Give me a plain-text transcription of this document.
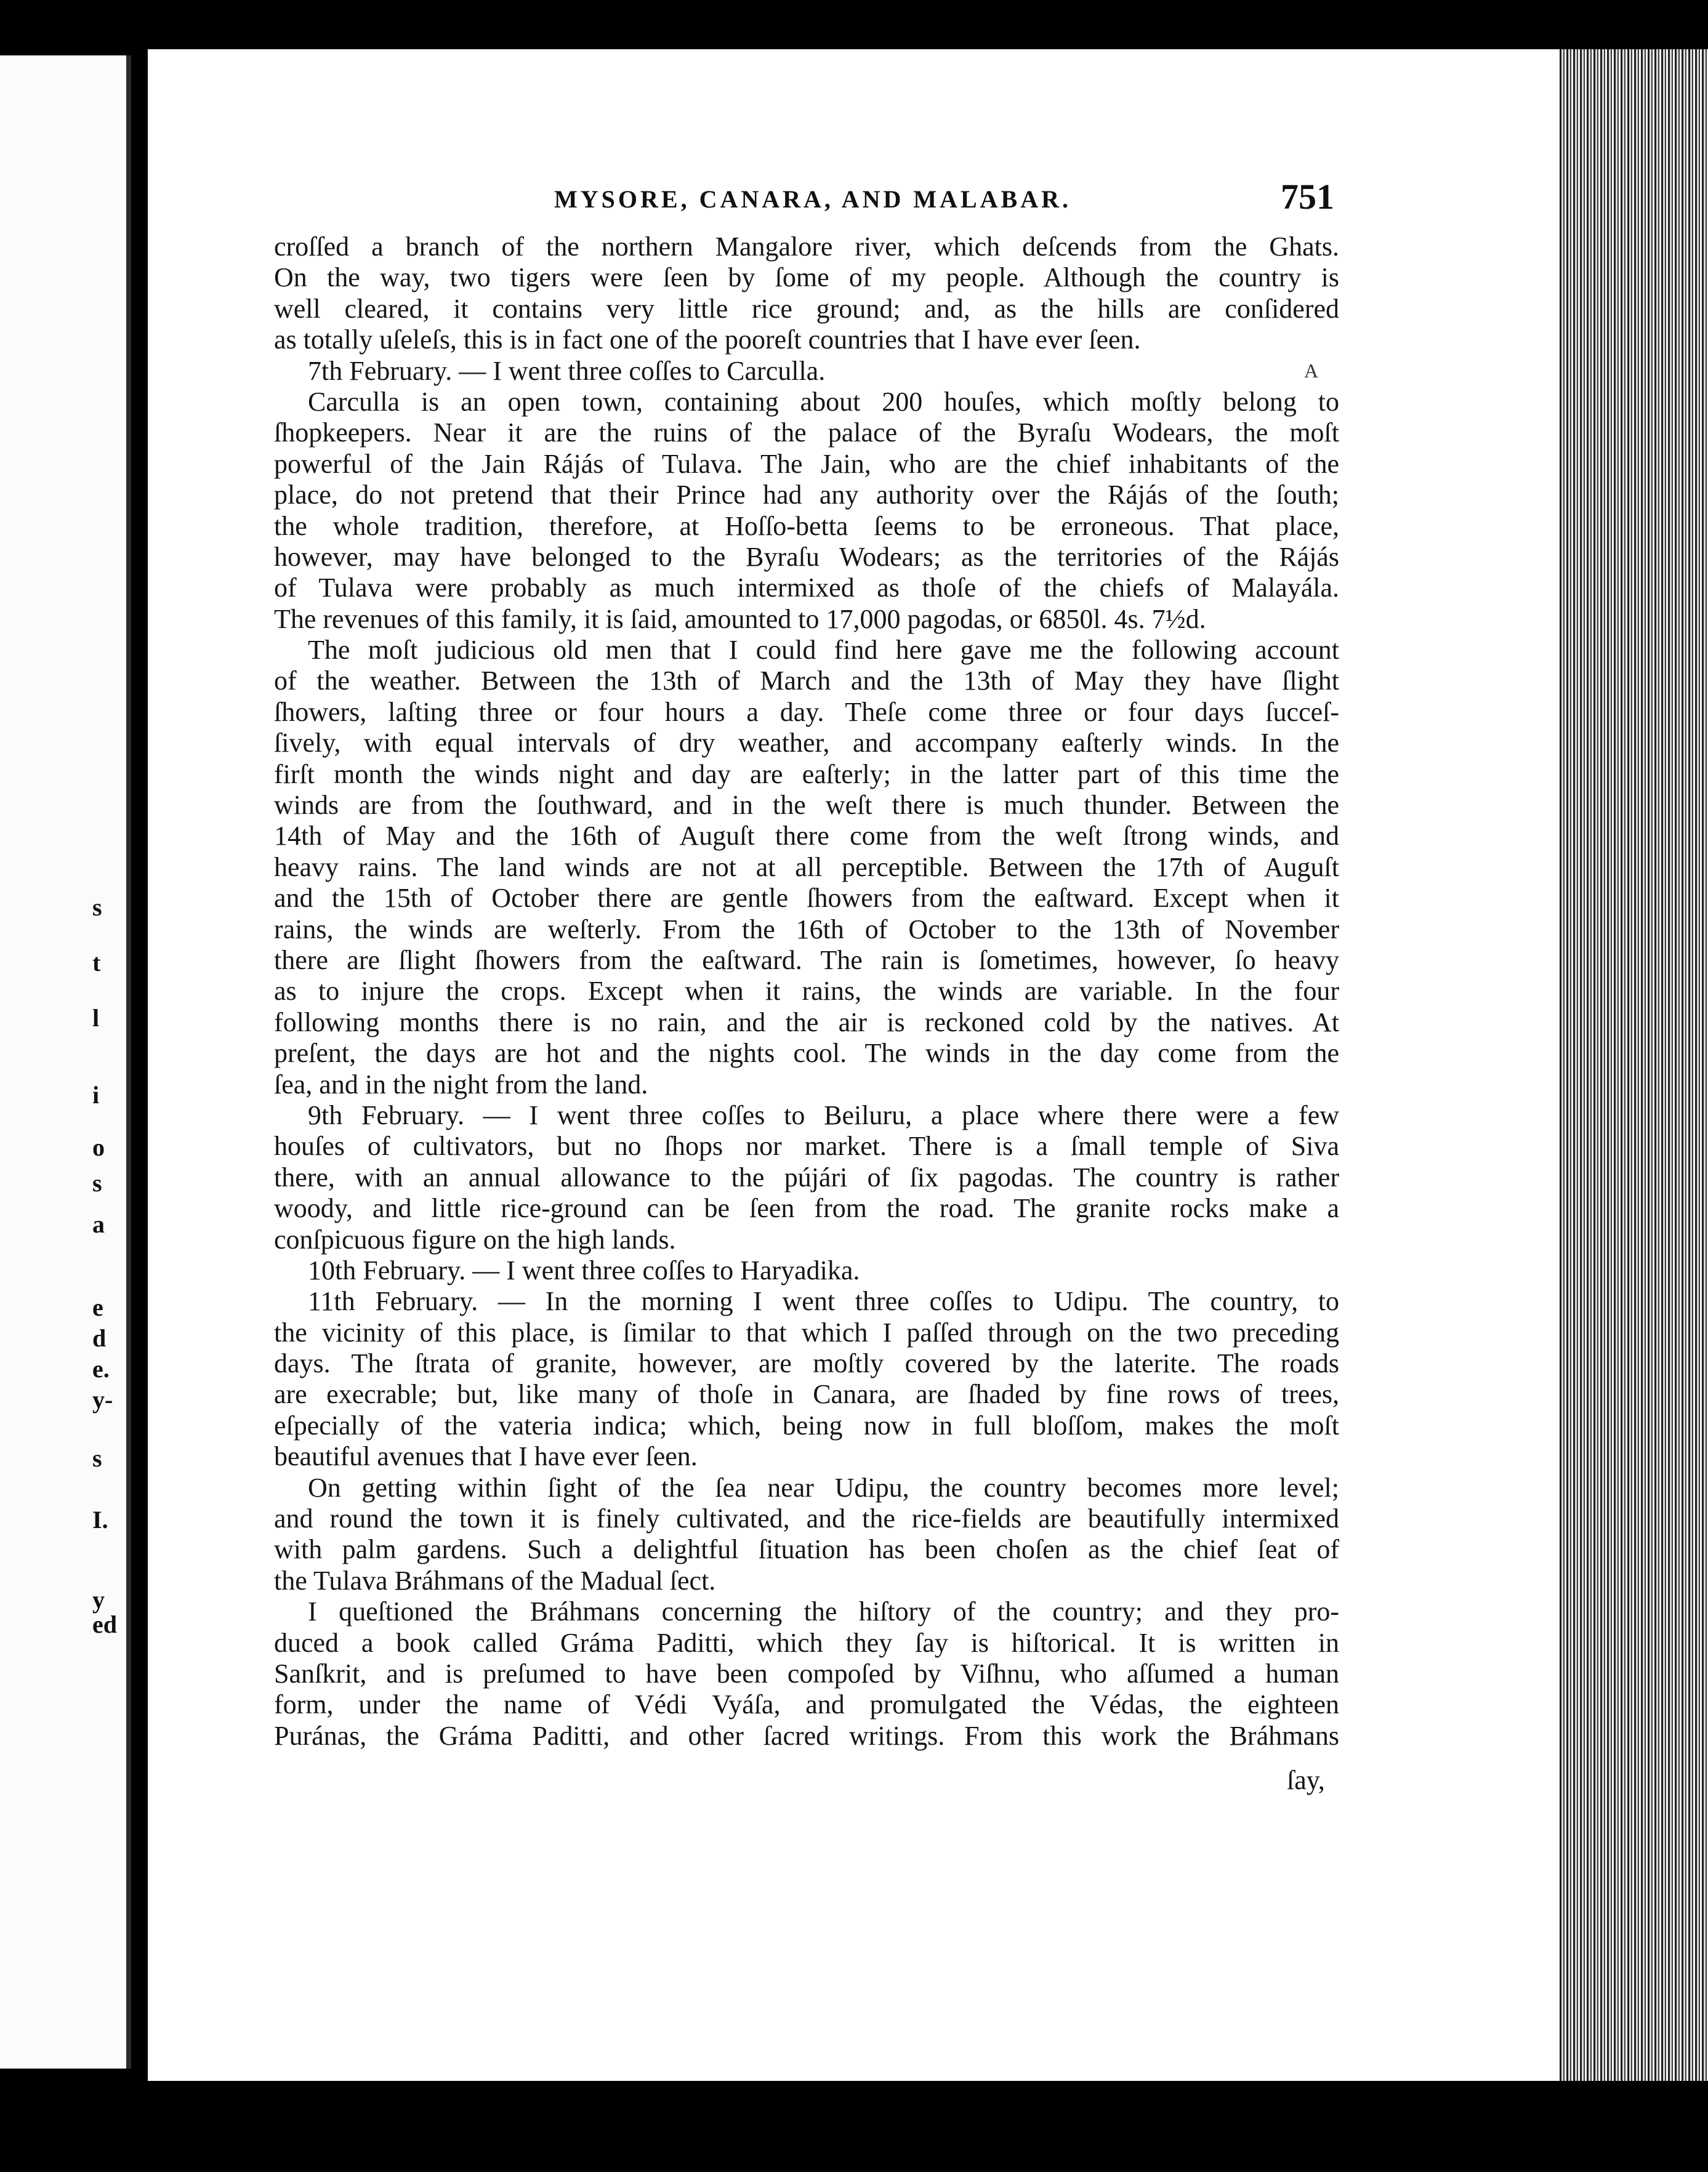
s
t
l
i
o
s
a
e
d
e.
y-
s
I.
y
ed
MYSORE, CANARA, AND MALABAR.	751
A
croſſed a branch of the northern Mangalore river, which deſcends from the Ghats.
On the way, two tigers were ſeen by ſome of my people. Although the country is
well cleared, it contains very little rice ground; and, as the hills are conſidered
as totally uſeleſs, this is in fact one of the pooreſt countries that I have ever ſeen.
7th February. — I went three coſſes to Carculla.
Carculla is an open town, containing about 200 houſes, which moſtly belong to
ſhopkeepers. Near it are the ruins of the palace of the Byraſu Wodears, the moſt
powerful of the Jain Rájás of Tulava. The Jain, who are the chief inhabitants of the
place, do not pretend that their Prince had any authority over the Rájás of the ſouth;
the whole tradition, therefore, at Hoſſo-betta ſeems to be erroneous. That place,
however, may have belonged to the Byraſu Wodears; as the territories of the Rájás
of Tulava were probably as much intermixed as thoſe of the chiefs of Malayála.
The revenues of this family, it is ſaid, amounted to 17,000 pagodas, or 6850l. 4s. 7½d.
The moſt judicious old men that I could find here gave me the following account
of the weather. Between the 13th of March and the 13th of May they have ſlight
ſhowers, laſting three or four hours a day. Theſe come three or four days ſucceſ-
ſively, with equal intervals of dry weather, and accompany eaſterly winds. In the
firſt month the winds night and day are eaſterly; in the latter part of this time the
winds are from the ſouthward, and in the weſt there is much thunder. Between the
14th of May and the 16th of Auguſt there come from the weſt ſtrong winds, and
heavy rains. The land winds are not at all perceptible. Between the 17th of Auguſt
and the 15th of October there are gentle ſhowers from the eaſtward. Except when it
rains, the winds are weſterly. From the 16th of October to the 13th of November
there are ſlight ſhowers from the eaſtward. The rain is ſometimes, however, ſo heavy
as to injure the crops. Except when it rains, the winds are variable. In the four
following months there is no rain, and the air is reckoned cold by the natives. At
preſent, the days are hot and the nights cool. The winds in the day come from the
ſea, and in the night from the land.
9th February. — I went three coſſes to Beiluru, a place where there were a few
houſes of cultivators, but no ſhops nor market. There is a ſmall temple of Siva
there, with an annual allowance to the pújári of ſix pagodas. The country is rather
woody, and little rice-ground can be ſeen from the road. The granite rocks make a
conſpicuous figure on the high lands.
10th February. — I went three coſſes to Haryadika.
11th February. — In the morning I went three coſſes to Udipu. The country, to
the vicinity of this place, is ſimilar to that which I paſſed through on the two preceding
days. The ſtrata of granite, however, are moſtly covered by the laterite. The roads
are execrable; but, like many of thoſe in Canara, are ſhaded by fine rows of trees,
eſpecially of the vateria indica; which, being now in full bloſſom, makes the moſt
beautiful avenues that I have ever ſeen.
On getting within ſight of the ſea near Udipu, the country becomes more level;
and round the town it is finely cultivated, and the rice-fields are beautifully intermixed
with palm gardens. Such a delightful ſituation has been choſen as the chief ſeat of
the Tulava Bráhmans of the Madual ſect.
I queſtioned the Bráhmans concerning the hiſtory of the country; and they pro-
duced a book called Gráma Paditti, which they ſay is hiſtorical. It is written in
Sanſkrit, and is preſumed to have been compoſed by Viſhnu, who aſſumed a human
form, under the name of Védi Vyáſa, and promulgated the Védas, the eighteen
Puránas, the Gráma Paditti, and other ſacred writings. From this work the Bráhmans
ſay,
